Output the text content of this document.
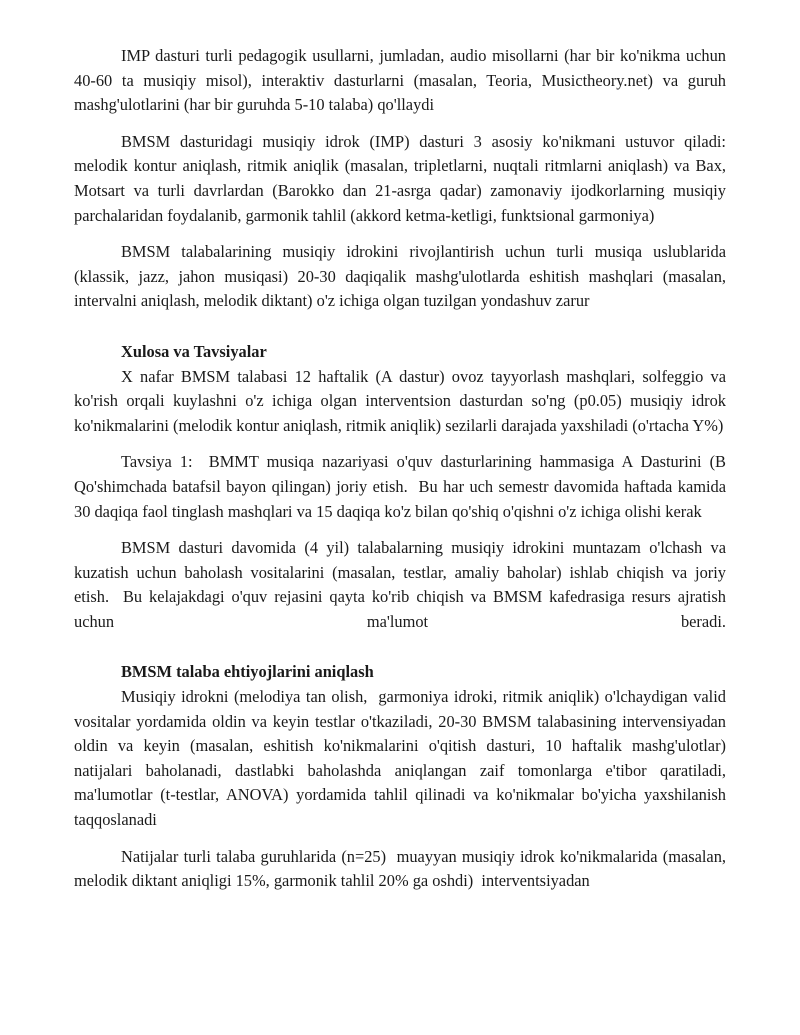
IMP dasturi turli pedagogik usullarni, jumladan, audio misollarni (har bir ko'nikma uchun 40-60 ta musiqiy misol), interaktiv dasturlarni (masalan, Teoria, Musictheory.net) va guruh mashg'ulotlarini (har bir guruhda 5-10 talaba) qo'llaydi

BMSM dasturidagi musiqiy idrok (IMP) dasturi 3 asosiy ko'nikmani ustuvor qiladi: melodik kontur aniqlash, ritmik aniqlik (masalan, tripletlarni, nuqtali ritmlarni aniqlash) va Bax, Motsart va turli davrlardan (Barokko dan 21-asrga qadar) zamonaviy ijodkorlarning musiqiy parchalaridan foydalanib, garmonik tahlil (akkord ketma-ketligi, funktsional garmoniya)

BMSM talabalarining musiqiy idrokini rivojlantirish uchun turli musiqa uslublarida (klassik, jazz, jahon musiqasi) 20-30 daqiqalik mashg'ulotlarda eshitish mashqlari (masalan, intervalni aniqlash, melodik diktant) o'z ichiga olgan tuzilgan yondashuv zarur

Xulosa va Tavsiyalar

X nafar BMSM talabasi 12 haftalik (A dastur) ovoz tayyorlash mashqlari, solfeggio va ko'rish orqali kuylashni o'z ichiga olgan interventsion dasturdan so'ng (p0.05) musiqiy idrok ko'nikmalarini (melodik kontur aniqlash, ritmik aniqlik) sezilarli darajada yaxshiladi (o'rtacha Y%)

Tavsiya 1:  BMMT musiqa nazariyasi o'quv dasturlarining hammasiga A Dasturini (B Qo'shimchada batafsil bayon qilingan) joriy etish.  Bu har uch semestr davomida haftada kamida 30 daqiqa faol tinglash mashqlari va 15 daqiqa ko'z bilan qo'shiq o'qishni o'z ichiga olishi kerak

BMSM dasturi davomida (4 yil) talabalarning musiqiy idrokini muntazam o'lchash va kuzatish uchun baholash vositalarini (masalan, testlar, amaliy baholar) ishlab chiqish va joriy etish.  Bu kelajakdagi o'quv rejasini qayta ko'rib chiqish va BMSM kafedrasiga resurs ajratish uchun ma'lumot beradi.

BMSM talaba ehtiyojlarini aniqlash

Musiqiy idrokni (melodiya tan olish,  garmoniya idroki, ritmik aniqlik) o'lchaydigan valid vositalar yordamida oldin va keyin testlar o'tkaziladi, 20-30 BMSM talabasining intervensiyadan oldin va keyin (masalan, eshitish ko'nikmalarini o'qitish dasturi, 10 haftalik mashg'ulotlar) natijalari baholanadi, dastlabki baholashda aniqlangan zaif tomonlarga e'tibor qaratiladi, ma'lumotlar (t-testlar, ANOVA) yordamida tahlil qilinadi va ko'nikmalar bo'yicha yaxshilanish taqqoslanadi

Natijalar turli talaba guruhlarida (n=25)  muayyan musiqiy idrok ko'nikmalarida (masalan, melodik diktant aniqligi 15%, garmonik tahlil 20% ga oshdi)  interventsiyadan
